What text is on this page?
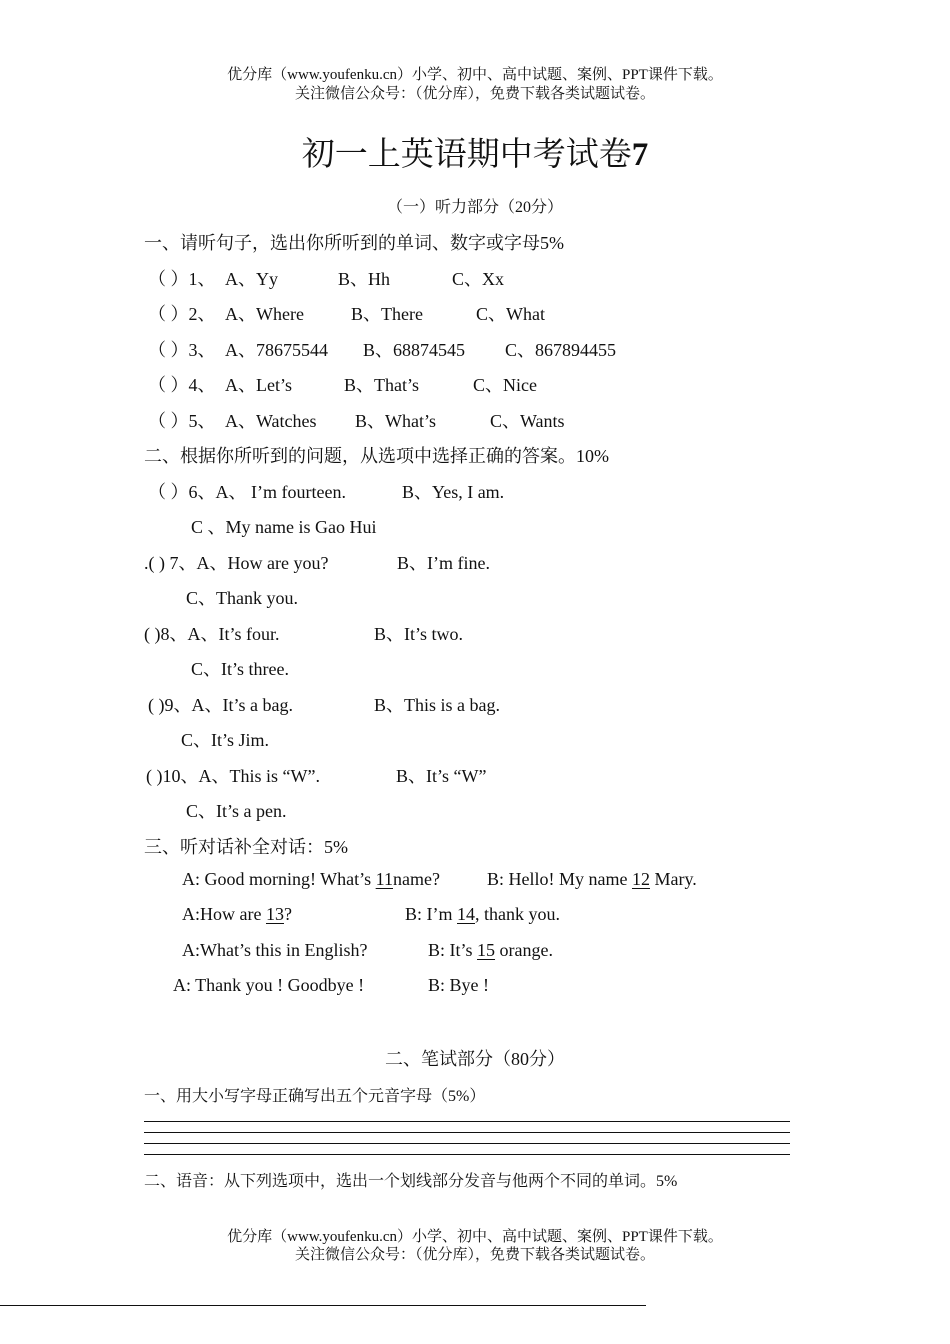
优分库（www.youfenku.cn）小学、初中、高中试题、案例、PPT课件下载。
关注微信公众号：（优分库），免费下载各类试题试卷。
初一上英语期中考试卷7
（一）听力部分（20分）
一、请听句子，选出你所听到的单词、数字或字母5%
（ ）1、 A、Yy	B、Hh	C、Xx
（ ）2、 A、Where	B、There	C、What
（ ）3、 A、78675544 B、68874545 C、867894455
（ ）4、 A、Let’s	B、That’s	C、Nice
（ ）5、 A、Watches B、What’s	C、Wants
二、根据你所听到的问题，从选项中选择正确的答案。10%
（ ）6、A、 I’m fourteen.	B、Yes, I am.
C 、My name is Gao Hui
.( ) 7、A、How are you?	B、I’m fine.
C、Thank you.
( )8、A、It’s four.	B、It’s two.
C、It’s three.
( )9、A、It’s a bag.	B、This is a bag.
C、It’s Jim.
( )10、A、This is “W”.	B、It’s “W”
C、It’s a pen.
三、听对话补全对话：5%
A: Good morning! What’s 11name?	B: Hello! My name 12 Mary.
A:How are 13?	B: I’m 14, thank you.
A:What’s this in English?	B: It’s 15 orange.
A: Thank you ! Goodbye !	B: Bye !
二、笔试部分（80分）
一、用大小写字母正确写出五个元音字母（5%）
二、语音：从下列选项中，选出一个划线部分发音与他两个不同的单词。5%
优分库（www.youfenku.cn）小学、初中、高中试题、案例、PPT课件下载。
关注微信公众号：（优分库），免费下载各类试题试卷。
